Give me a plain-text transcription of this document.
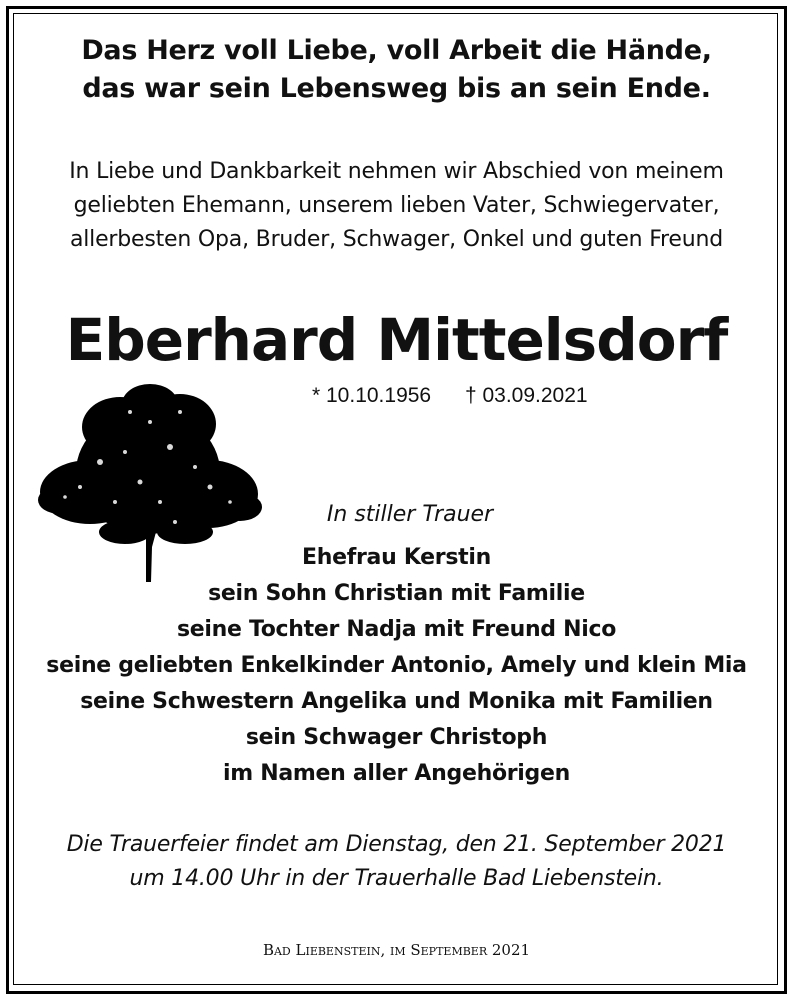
Das Herz voll Liebe, voll Arbeit die Hände,
das war sein Lebensweg bis an sein Ende.
In Liebe und Dankbarkeit nehmen wir Abschied von meinem
geliebten Ehemann, unserem lieben Vater, Schwiegervater,
allerbesten Opa, Bruder, Schwager, Onkel und guten Freund
Eberhard Mittelsdorf
* 10.10.1956 † 03.09.2021
In stiller Trauer
Ehefrau Kerstin
sein Sohn Christian mit Familie
seine Tochter Nadja mit Freund Nico
seine geliebten Enkelkinder Antonio, Amely und klein Mia
seine Schwestern Angelika und Monika mit Familien
sein Schwager Christoph
im Namen aller Angehörigen
Die Trauerfeier findet am Dienstag, den 21. September 2021
um 14.00 Uhr in der Trauerhalle Bad Liebenstein.
Bad Liebenstein, im September 2021
